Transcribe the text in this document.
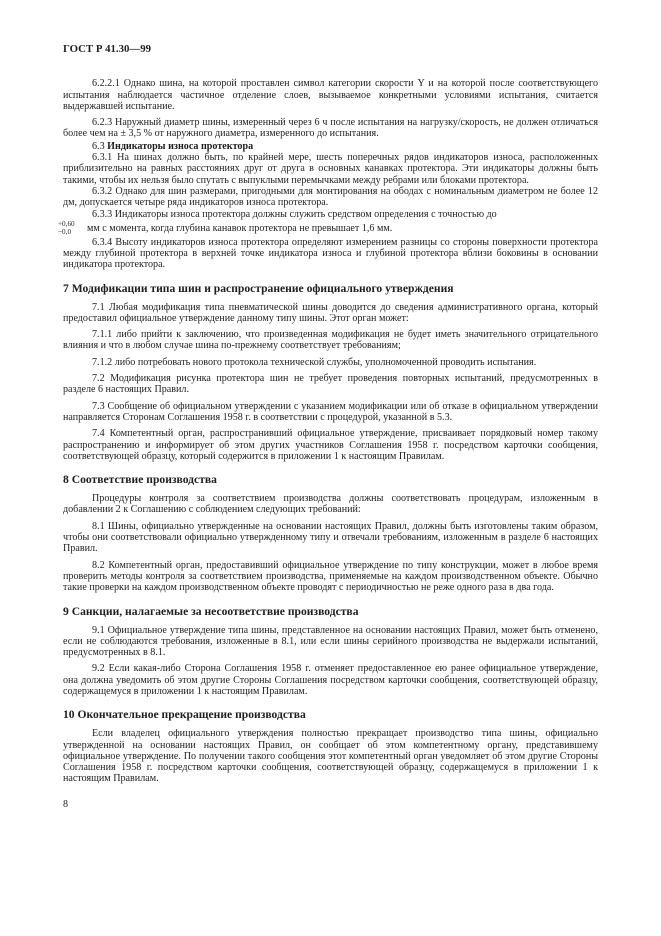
ГОСТ Р 41.30—99

6.2.2.1 Однако шина, на которой проставлен символ категории скорости Y и на которой после соответствующего испытания наблюдается частичное отделение слоев, вызываемое конкретными условиями испытания, считается выдержавшей испытание.

6.2.3 Наружный диаметр шины, измеренный через 6 ч после испытания на нагрузку/скорость, не должен отличаться более чем на ± 3,5 % от наружного диаметра, измеренного до испытания.

6.3 Индикаторы износа протектора

6.3.1 На шинах должно быть, по крайней мере, шесть поперечных рядов индикаторов износа, расположенных приблизительно на равных расстояниях друг от друга в основных канавках протектора. Эти индикаторы должны быть такими, чтобы их нельзя было спутать с выпуклыми перемычками между ребрами или блоками протектора.

6.3.2 Однако для шин размерами, пригодными для монтирования на ободах с номинальным диаметром не более 12 дм, допускается четыре ряда индикаторов износа протектора.

6.3.3 Индикаторы износа протектора должны служить средством определения с точностью до

+0,60
−0,0	мм с момента, когда глубина канавок протектора не превышает 1,6 мм.

6.3.4 Высоту индикаторов износа протектора определяют измерением разницы со стороны поверхности протектора между глубиной протектора в верхней точке индикатора износа и глубиной протектора вблизи боковины в основании индикатора протектора.

7 Модификации типа шин и распространение официального утверждения

7.1 Любая модификация типа пневматической шины доводится до сведения административного органа, который предоставил официальное утверждение данному типу шины. Этот орган может:

7.1.1 либо прийти к заключению, что произведенная модификация не будет иметь значительного отрицательного влияния и что в любом случае шина по-прежнему соответствует требованиям;

7.1.2 либо потребовать нового протокола технической службы, уполномоченной проводить испытания.

7.2 Модификация рисунка протектора шин не требует проведения повторных испытаний, предусмотренных в разделе 6 настоящих Правил.

7.3 Сообщение об официальном утверждении с указанием модификации или об отказе в официальном утверждении направляется Сторонам Соглашения 1958 г. в соответствии с процедурой, указанной в 5.3.

7.4 Компетентный орган, распространивший официальное утверждение, присваивает порядковый номер такому распространению и информирует об этом других участников Соглашения 1958 г. посредством карточки сообщения, соответствующей образцу, который содержится в приложении 1 к настоящим Правилам.

8 Соответствие производства

Процедуры контроля за соответствием производства должны соответствовать процедурам, изложенным в добавлении 2 к Соглашению с соблюдением следующих требований:

8.1 Шины, официально утвержденные на основании настоящих Правил, должны быть изготовлены таким образом, чтобы они соответствовали официально утвержденному типу и отвечали требованиям, изложенным в разделе 6 настоящих Правил.

8.2 Компетентный орган, предоставивший официальное утверждение по типу конструкции, может в любое время проверить методы контроля за соответствием производства, применяемые на каждом производственном объекте. Обычно такие проверки на каждом производственном объекте проводят с периодичностью не реже одного раза в два года.

9 Санкции, налагаемые за несоответствие производства

9.1 Официальное утверждение типа шины, представленное на основании настоящих Правил, может быть отменено, если не соблюдаются требования, изложенные в 8.1, или если шины серийного производства не выдержали испытаний, предусмотренных в 8.1.

9.2 Если какая-либо Сторона Соглашения 1958 г. отменяет предоставленное ею ранее официальное утверждение, она должна уведомить об этом другие Стороны Соглашения посредством карточки сообщения, соответствующей образцу, содержащемуся в приложении 1 к настоящим Правилам.

10 Окончательное прекращение производства

Если владелец официального утверждения полностью прекращает производство типа шины, официально утвержденной на основании настоящих Правил, он сообщает об этом компетентному органу, представившему официальное утверждение. По получении такого сообщения этот компетентный орган уведомляет об этом другие Стороны Соглашения 1958 г. посредством карточки сообщения, соответствующей образцу, содержащемуся в приложении 1 к настоящим Правилам.

8
